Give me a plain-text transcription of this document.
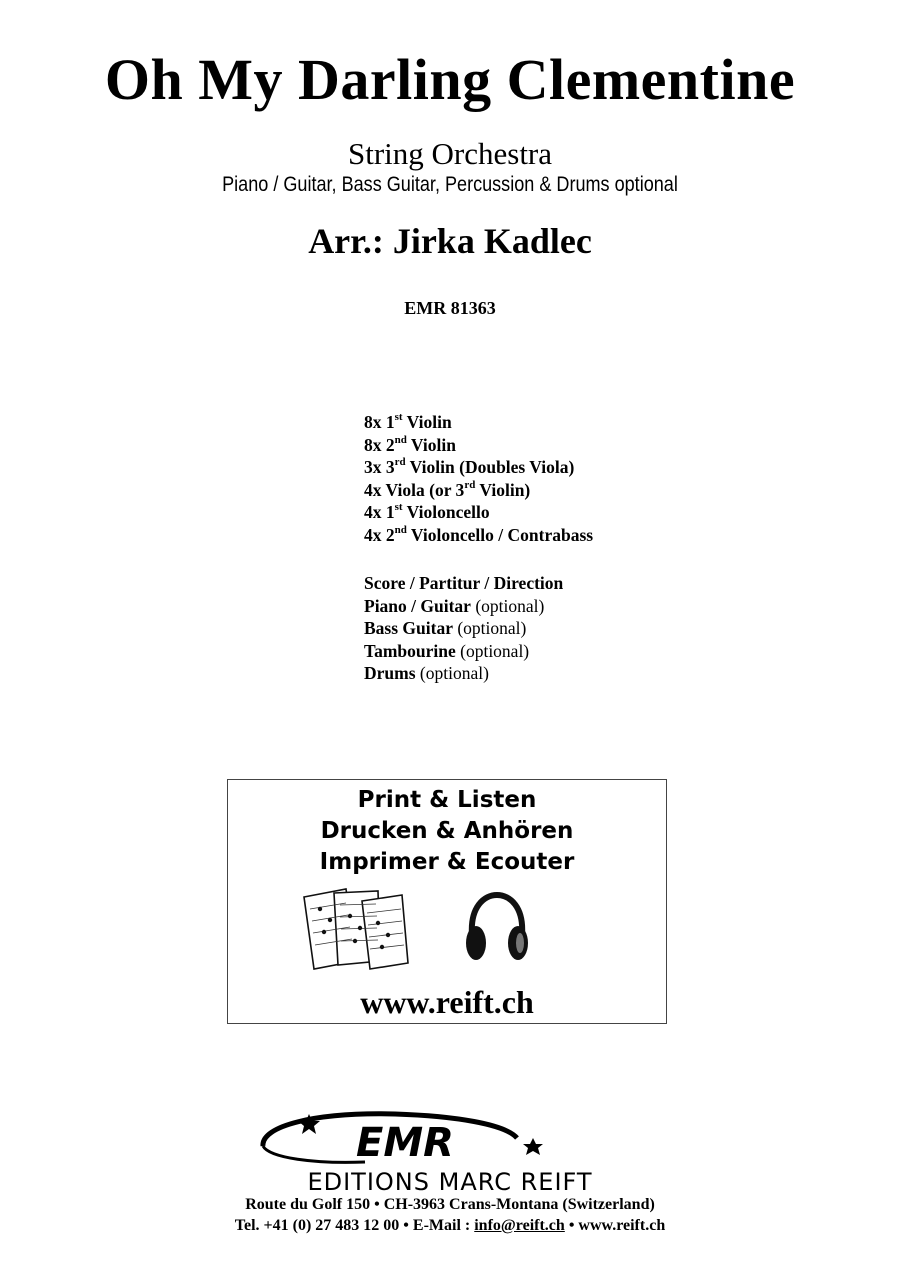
Oh My Darling Clementine
String Orchestra
Piano / Guitar, Bass Guitar, Percussion & Drums optional
Arr.: Jirka Kadlec
EMR 81363
8x 1st Violin
8x 2nd Violin
3x 3rd Violin (Doubles Viola)
4x Viola (or 3rd Violin)
4x 1st Violoncello
4x 2nd Violoncello / Contrabass
Score / Partitur / Direction
Piano / Guitar (optional)
Bass Guitar (optional)
Tambourine (optional)
Drums (optional)
Print & Listen
Drucken & Anhören
Imprimer & Ecouter
www.reift.ch
EMR
EDITIONS MARC REIFT
Route du Golf 150 • CH-3963 Crans-Montana (Switzerland)
Tel. +41 (0) 27 483 12 00 • E-Mail : info@reift.ch • www.reift.ch
